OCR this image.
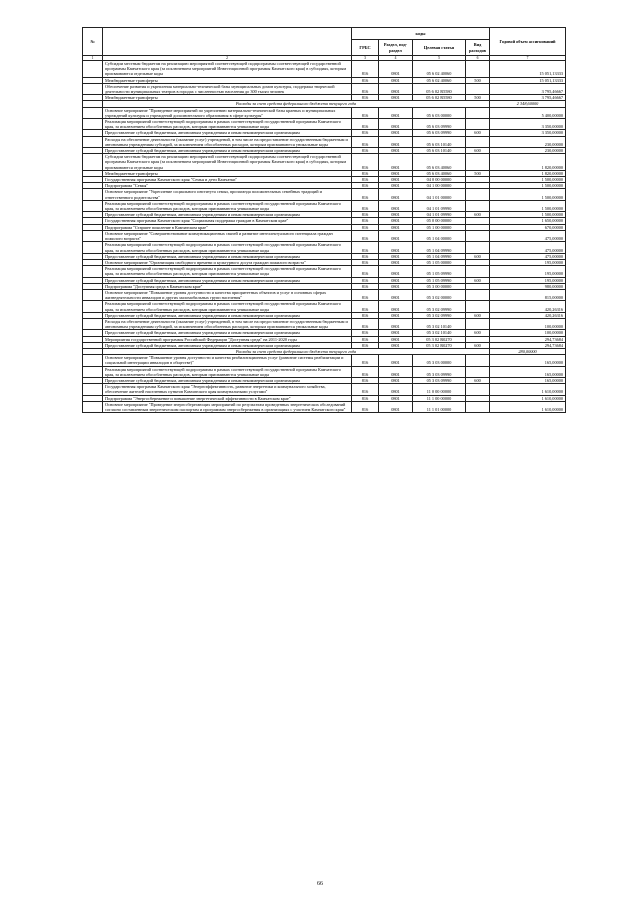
№		коды				Годовой объем ассигнований
		ГРБС	Раздел, под-раздел	Целевая статья	Вид расходов	
1	2	3	4	5	6	7
	Субсидии местным бюджетам на реализацию мероприятий соответствующей подпрограммы соответствующей государственной программы Камчатского края (за исключением мероприятий Инвестиционной программы Камчатского края) в субсидиях, которым присваиваются отдельные коды	816	0801	05 6 02 40060		15 051,13333
	Межбюджетные трансферты	816	0801	05 6 02 40060	500	15 051,13333
	Обеспечение развития и укрепления материально-технической базы муниципальных домов культуры, поддержка творческой деятельности муниципальных театров в городах с численностью населения до 300 тысяч человек	816	0801	05 6 02 R5580		3 795,46667
	Межбюджетные трансферты	816	0801	05 6 02 R5580	500	3 795,46667
	Расходы за счет средств федерального бюджета текущего года					2 348,60000
	Основное мероприятие "Проведение мероприятий по укреплению материально-технической базы краевых и муниципальных учреждений культуры и учреждений дополнительного образования в сфере культуры"	816	0801	05 6 03 00000		5 400,00000
	Реализация мероприятий соответствующей подпрограммы в рамках соответствующей государственной программы Камчатского края, за исключением обособленных расходов, которым присваиваются уникальные коды	816	0801	05 6 03 09990		3 350,00000
	Предоставление субсидий бюджетным, автономным учреждениям и иным некоммерческим организациям	816	0801	05 6 03 09990	600	3 350,00000
	Расходы на обеспечение деятельности (оказание услуг) учреждений, в том числе на предоставление государственным бюджетным и автономным учреждениям субсидий, за исключением обособленных расходов, которым присваиваются уникальные коды	816	0801	05 6 03 10140		230,00000
	Предоставление субсидий бюджетным, автономным учреждениям и иным некоммерческим организациям	816	0801	05 6 03 10140	600	230,00000
	Субсидии местным бюджетам на реализацию мероприятий соответствующей подпрограммы соответствующей государственной программы Камчатского края (за исключением мероприятий Инвестиционной программы Камчатского края) в субсидиях, которым присваиваются отдельные коды	816	0801	05 6 03 40060		1 820,00000
	Межбюджетные трансферты	816	0801	05 6 03 40060	500	1 820,00000
	Государственная программа Камчатского края "Семья и дети Камчатки"	816	0801	04 0 00 00000		1 500,00000
	Подпрограмма "Семья"	816	0801	04 1 00 00000		1 500,00000
	Основное мероприятие "Укрепление социального института семьи, пропаганда положительных семейных традиций и ответственного родительства"	816	0801	04 1 01 00000		1 500,00000
	Реализация мероприятий соответствующей подпрограммы в рамках соответствующей государственной программы Камчатского края, за исключением обособленных расходов, которым присваиваются уникальные коды	816	0801	04 1 01 09990		1 500,00000
	Предоставление субсидий бюджетным, автономным учреждениям и иным некоммерческим организациям	816	0801	04 1 01 09990	600	1 500,00000
	Государственная программа Камчатского края "Социальная поддержка граждан в Камчатском крае"	816	0801	05 0 00 00000		1 650,00000
	Подпрограмма "Старшее поколение в Камчатском крае"	816	0801	05 1 00 00000		670,00000
	Основное мероприятие "Совершенствование коммуникационных связей и развитие интеллектуального потенциала граждан пожилого возраста"	816	0801	05 1 04 00000		475,00000
	Реализация мероприятий соответствующей подпрограммы в рамках соответствующей государственной программы Камчатского края, за исключением обособленных расходов, которым присваиваются уникальные коды	816	0801	05 1 04 09990		475,00000
	Предоставление субсидий бюджетным, автономным учреждениям и иным некоммерческим организациям	816	0801	05 1 04 09990	600	475,00000
	Основное мероприятие "Организация свободного времени и культурного досуга граждан пожилого возраста"	816	0801	05 1 05 00000		195,00000
	Реализация мероприятий соответствующей подпрограммы в рамках соответствующей государственной программы Камчатского края, за исключением обособленных расходов, которым присваиваются уникальные коды	816	0801	05 1 05 09990		195,00000
	Предоставление субсидий бюджетным, автономным учреждениям и иным некоммерческим организациям	816	0801	05 1 05 09990	600	195,00000
	Подпрограмма "Доступная среда в Камчатском крае"	816	0801	05 3 00 00000		980,00000
	Основное мероприятие "Повышение уровня доступности и качества приоритетных объектов и услуг в основных сферах жизнедеятельности инвалидов и других маломобильных групп населения"	816	0801	05 3 02 00000		815,00000
	Реализация мероприятий соответствующей подпрограммы в рамках соответствующей государственной программы Камчатского края, за исключением обособленных расходов, которым присваиваются уникальные коды	816	0801	05 3 02 09990		420,26316
	Предоставление субсидий бюджетным, автономным учреждениям и иным некоммерческим организациям	816	0801	05 3 02 09990	600	420,26316
	Расходы на обеспечение деятельности (оказание услуг) учреждений, в том числе на предоставление государственным бюджетным и автономным учреждениям субсидий, за исключением обособленных расходов, которым присваиваются уникальные коды	816	0801	05 3 02 10140		100,00000
	Предоставление субсидий бюджетным, автономным учреждениям и иным некоммерческим организациям	816	0801	05 3 02 10140	600	100,00000
	Мероприятия государственной программы Российской Федерации "Доступная среда" на 2011-2020 годы	816	0801	05 3 02 R0270		294,73684
	Предоставление субсидий бюджетным, автономным учреждениям и иным некоммерческим организациям	816	0801	05 3 02 R0270	600	294,73684
	Расходы за счет средств федерального бюджета текущего года					280,00000
	Основное мероприятие "Повышение уровня доступности и качества реабилитационных услуг (развитие системы реабилитации и социальной интеграции инвалидов в обществе)"	816	0801	05 3 03 00000		165,00000
	Реализация мероприятий соответствующей подпрограммы в рамках соответствующей государственной программы Камчатского края, за исключением обособленных расходов, которым присваиваются уникальные коды	816	0801	05 3 03 09990		165,00000
	Предоставление субсидий бюджетным, автономным учреждениям и иным некоммерческим организациям	816	0801	05 3 03 09990	600	165,00000
	Государственная программа Камчатского края "Энергоэффективность, развитие энергетики и коммунального хозяйства, обеспечение жителей населенных пунктов Камчатского края коммунальными услугами"	816	0801	11 0 00 00000		1 610,00000
	Подпрограмма "Энергосбережение и повышение энергетической эффективности в Камчатском крае"	816	0801	11 1 00 00000		1 610,00000
	Основное мероприятие "Проведение энергосберегающих мероприятий по результатам проведенных энергетических обследований согласно составленным энергетическим паспортам и программам энергосбережения в организациях с участием Камчатского края"	816	0801	11 1 01 00000		1 610,00000
66
